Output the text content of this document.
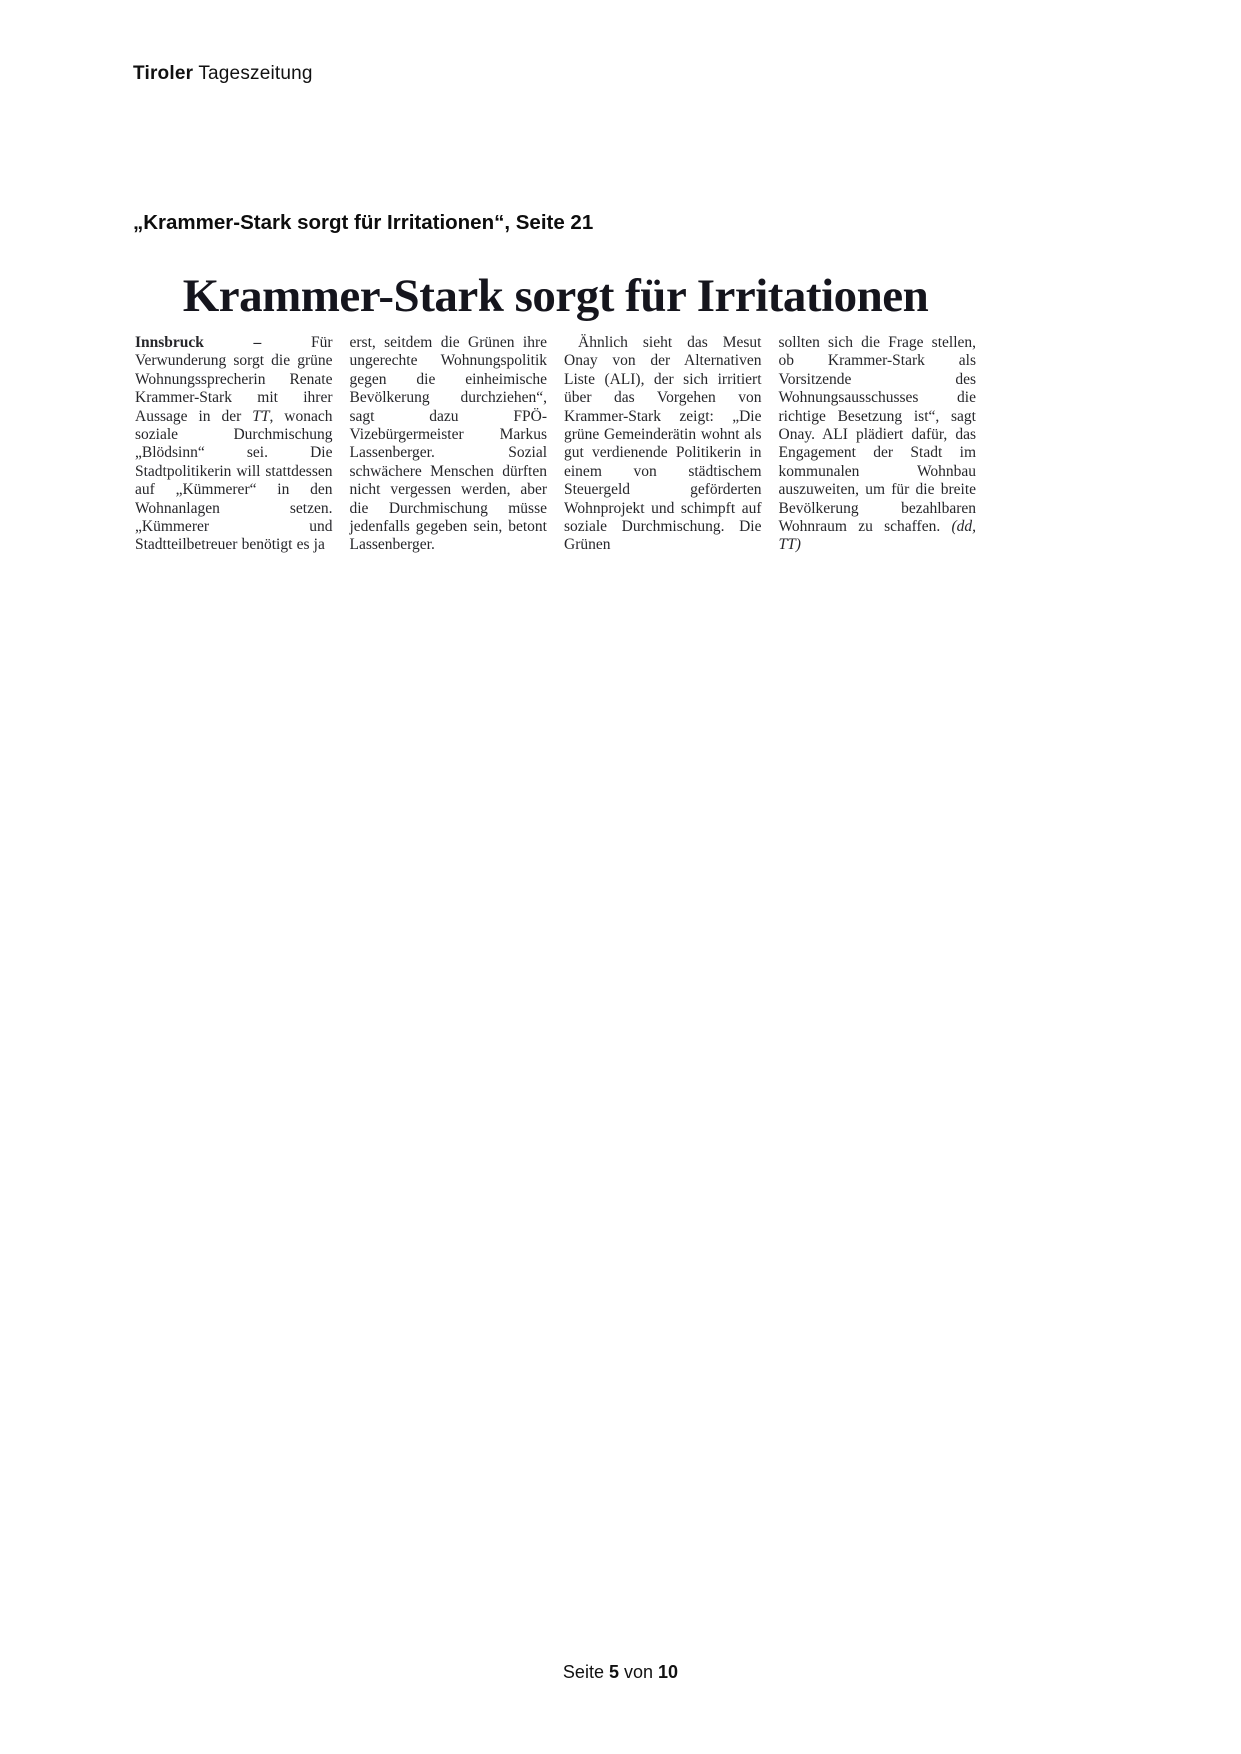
Tiroler Tageszeitung
„Krammer-Stark sorgt für Irritationen“, Seite 21
Krammer-Stark sorgt für Irritationen
Innsbruck – Für Verwunderung sorgt die grüne Wohnungssprecherin Renate Krammer-Stark mit ihrer Aussage in der TT, wonach soziale Durchmischung „Blödsinn“ sei. Die Stadtpolitikerin will stattdessen auf „Kümmerer“ in den Wohnanlagen setzen. „Kümmerer und Stadtteilbetreuer benötigt es ja
erst, seitdem die Grünen ihre ungerechte Wohnungspolitik gegen die einheimische Bevölkerung durchziehen“, sagt dazu FPÖ-Vizebürgermeister Markus Lassenberger. Sozial schwächere Menschen dürften nicht vergessen werden, aber die Durchmischung müsse jedenfalls gegeben sein, betont Lassenberger.
Ähnlich sieht das Mesut Onay von der Alternativen Liste (ALI), der sich irritiert über das Vorgehen von Krammer-Stark zeigt: „Die grüne Gemeinderätin wohnt als gut verdienende Politikerin in einem von städtischem Steuergeld geförderten Wohnprojekt und schimpft auf soziale Durchmischung. Die Grünen
sollten sich die Frage stellen, ob Krammer-Stark als Vorsitzende des Wohnungsausschusses die richtige Besetzung ist“, sagt Onay. ALI plädiert dafür, das Engagement der Stadt im kommunalen Wohnbau auszuweiten, um für die breite Bevölkerung bezahlbaren Wohnraum zu schaffen. (dd, TT)
Seite 5 von 10
